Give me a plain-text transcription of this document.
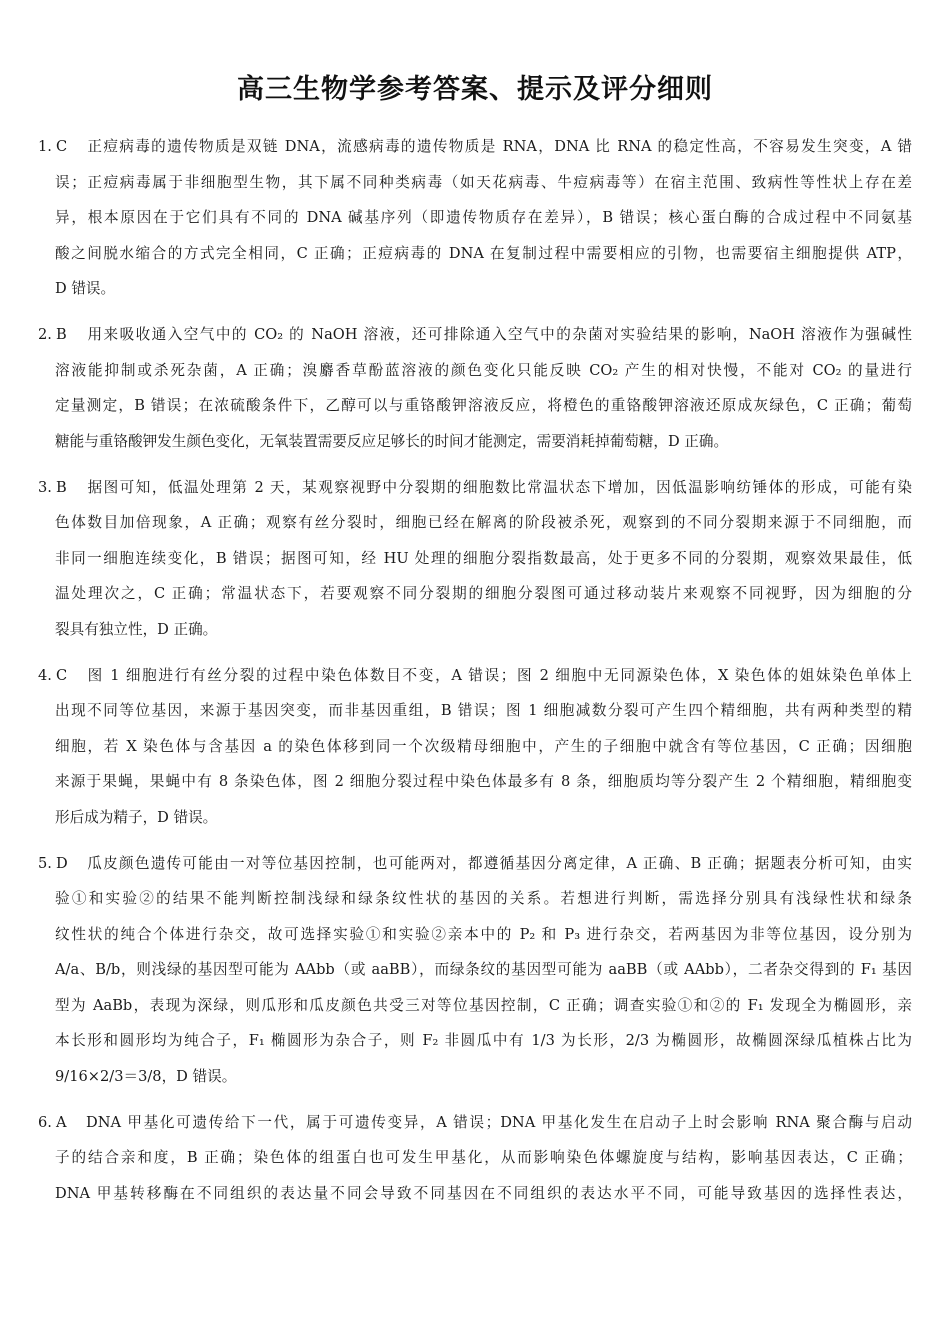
高三生物学参考答案、提示及评分细则
1. C 正痘病毒的遗传物质是双链 DNA，流感病毒的遗传物质是 RNA，DNA 比 RNA 的稳定性高，不容易发生突变，A 错
误；正痘病毒属于非细胞型生物，其下属不同种类病毒（如天花病毒、牛痘病毒等）在宿主范围、致病性等性状上存在差
异，根本原因在于它们具有不同的 DNA 碱基序列（即遗传物质存在差异），B 错误；核心蛋白酶的合成过程中不同氨基
酸之间脱水缩合的方式完全相同，C 正确；正痘病毒的 DNA 在复制过程中需要相应的引物，也需要宿主细胞提供 ATP，
D 错误。
2. B 用来吸收通入空气中的 CO₂ 的 NaOH 溶液，还可排除通入空气中的杂菌对实验结果的影响，NaOH 溶液作为强碱性
溶液能抑制或杀死杂菌，A 正确；溴麝香草酚蓝溶液的颜色变化只能反映 CO₂ 产生的相对快慢，不能对 CO₂ 的量进行
定量测定，B 错误；在浓硫酸条件下，乙醇可以与重铬酸钾溶液反应，将橙色的重铬酸钾溶液还原成灰绿色，C 正确；葡萄
糖能与重铬酸钾发生颜色变化，无氧装置需要反应足够长的时间才能测定，需要消耗掉葡萄糖，D 正确。
3. B 据图可知，低温处理第 2 天，某观察视野中分裂期的细胞数比常温状态下增加，因低温影响纺锤体的形成，可能有染
色体数目加倍现象，A 正确；观察有丝分裂时，细胞已经在解离的阶段被杀死，观察到的不同分裂期来源于不同细胞，而
非同一细胞连续变化，B 错误；据图可知，经 HU 处理的细胞分裂指数最高，处于更多不同的分裂期，观察效果最佳，低
温处理次之，C 正确；常温状态下，若要观察不同分裂期的细胞分裂图可通过移动装片来观察不同视野，因为细胞的分
裂具有独立性，D 正确。
4. C 图 1 细胞进行有丝分裂的过程中染色体数目不变，A 错误；图 2 细胞中无同源染色体，X 染色体的姐妹染色单体上
出现不同等位基因，来源于基因突变，而非基因重组，B 错误；图 1 细胞减数分裂可产生四个精细胞，共有两种类型的精
细胞，若 X 染色体与含基因 a 的染色体移到同一个次级精母细胞中，产生的子细胞中就含有等位基因，C 正确；因细胞
来源于果蝇，果蝇中有 8 条染色体，图 2 细胞分裂过程中染色体最多有 8 条，细胞质均等分裂产生 2 个精细胞，精细胞变
形后成为精子，D 错误。
5. D 瓜皮颜色遗传可能由一对等位基因控制，也可能两对，都遵循基因分离定律，A 正确、B 正确；据题表分析可知，由实
验①和实验②的结果不能判断控制浅绿和绿条纹性状的基因的关系。若想进行判断，需选择分别具有浅绿性状和绿条
纹性状的纯合个体进行杂交，故可选择实验①和实验②亲本中的 P₂ 和 P₃ 进行杂交，若两基因为非等位基因，设分别为
A/a、B/b，则浅绿的基因型可能为 AAbb（或 aaBB），而绿条纹的基因型可能为 aaBB（或 AAbb），二者杂交得到的 F₁ 基因
型为 AaBb，表现为深绿，则瓜形和瓜皮颜色共受三对等位基因控制，C 正确；调查实验①和②的 F₁ 发现全为椭圆形，亲
本长形和圆形均为纯合子，F₁ 椭圆形为杂合子，则 F₂ 非圆瓜中有 1/3 为长形，2/3 为椭圆形，故椭圆深绿瓜植株占比为
9/16×2/3＝3/8，D 错误。
6. A DNA 甲基化可遗传给下一代，属于可遗传变异，A 错误；DNA 甲基化发生在启动子上时会影响 RNA 聚合酶与启动
子的结合亲和度，B 正确；染色体的组蛋白也可发生甲基化，从而影响染色体螺旋度与结构，影响基因表达，C 正确；
DNA 甲基转移酶在不同组织的表达量不同会导致不同基因在不同组织的表达水平不同，可能导致基因的选择性表达，
